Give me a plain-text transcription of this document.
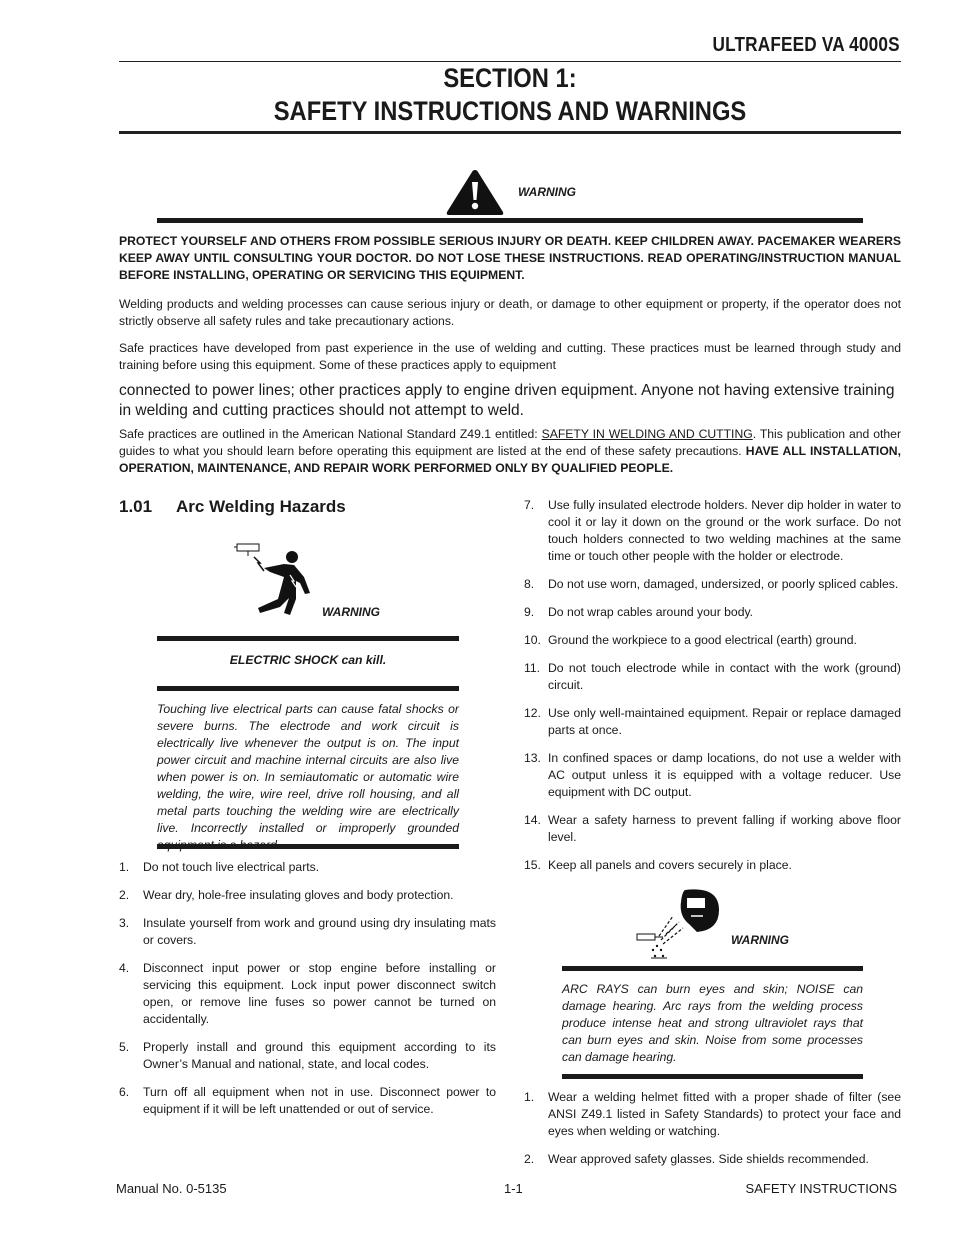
ULTRAFEED VA 4000S
SECTION 1:
SAFETY INSTRUCTIONS AND WARNINGS
WARNING
PROTECT YOURSELF AND OTHERS FROM POSSIBLE SERIOUS INJURY OR DEATH. KEEP CHILDREN AWAY. PACEMAKER WEARERS KEEP AWAY UNTIL CONSULTING YOUR DOCTOR. DO NOT LOSE THESE INSTRUCTIONS. READ OPERATING/INSTRUCTION MANUAL BEFORE INSTALLING, OPERATING OR SERVICING THIS EQUIPMENT.
Welding products and welding processes can cause serious injury or death, or damage to other equipment or property, if the operator does not strictly observe all safety rules and take precautionary actions.
Safe practices have developed from past experience in the use of welding and cutting. These practices must be learned through study and training before using this equipment. Some of these practices apply to equipment
connected to power lines; other practices apply to engine driven equipment. Anyone not having extensive training in welding and cutting practices should not attempt to weld.
Safe practices are outlined in the American National Standard Z49.1 entitled: SAFETY IN WELDING AND CUTTING. This publication and other guides to what you should learn before operating this equipment are listed at the end of these safety precautions. HAVE ALL INSTALLATION, OPERATION, MAINTENANCE, AND REPAIR WORK PERFORMED ONLY BY QUALIFIED PEOPLE.
1.01 Arc Welding Hazards
WARNING
ELECTRIC SHOCK can kill.
Touching live electrical parts can cause fatal shocks or severe burns. The electrode and work circuit is electrically live whenever the output is on. The input power circuit and machine internal circuits are also live when power is on. In semiautomatic or automatic wire welding, the wire, wire reel, drive roll housing, and all metal parts touching the welding wire are electrically live. Incorrectly installed or improperly grounded
1. Do not touch live electrical parts.
2. Wear dry, hole-free insulating gloves and body protection.
3. Insulate yourself from work and ground using dry insulating mats or covers.
4. Disconnect input power or stop engine before installing or servicing this equipment. Lock input power disconnect switch open, or remove line fuses so power cannot be turned on accidentally.
5. Properly install and ground this equipment according to its Owner’s Manual and national, state, and local codes.
6. Turn off all equipment when not in use. Disconnect power to equipment if it will be left unattended or out of service.
7. Use fully insulated electrode holders. Never dip holder in water to cool it or lay it down on the ground or the work surface. Do not touch holders connected to two welding machines at the same time or touch other people with the holder or electrode.
8. Do not use worn, damaged, undersized, or poorly spliced cables.
9. Do not wrap cables around your body.
10. Ground the workpiece to a good electrical (earth) ground.
11. Do not touch electrode while in contact with the work (ground) circuit.
12. Use only well-maintained equipment. Repair or replace damaged parts at once.
13. In confined spaces or damp locations, do not use a welder with AC output unless it is equipped with a voltage reducer. Use equipment with DC output.
14. Wear a safety harness to prevent falling if working above floor level.
15. Keep all panels and covers securely in place.
WARNING
ARC RAYS can burn eyes and skin; NOISE can damage hearing. Arc rays from the welding process produce intense heat and strong ultraviolet rays that can burn eyes and skin. Noise from some processes can damage hearing.
1. Wear a welding helmet fitted with a proper shade of filter (see ANSI Z49.1 listed in Safety Standards) to protect your face and eyes when welding or watching.
2. Wear approved safety glasses. Side shields recommended.
Manual No. 0-5135	1-1	SAFETY INSTRUCTIONS
